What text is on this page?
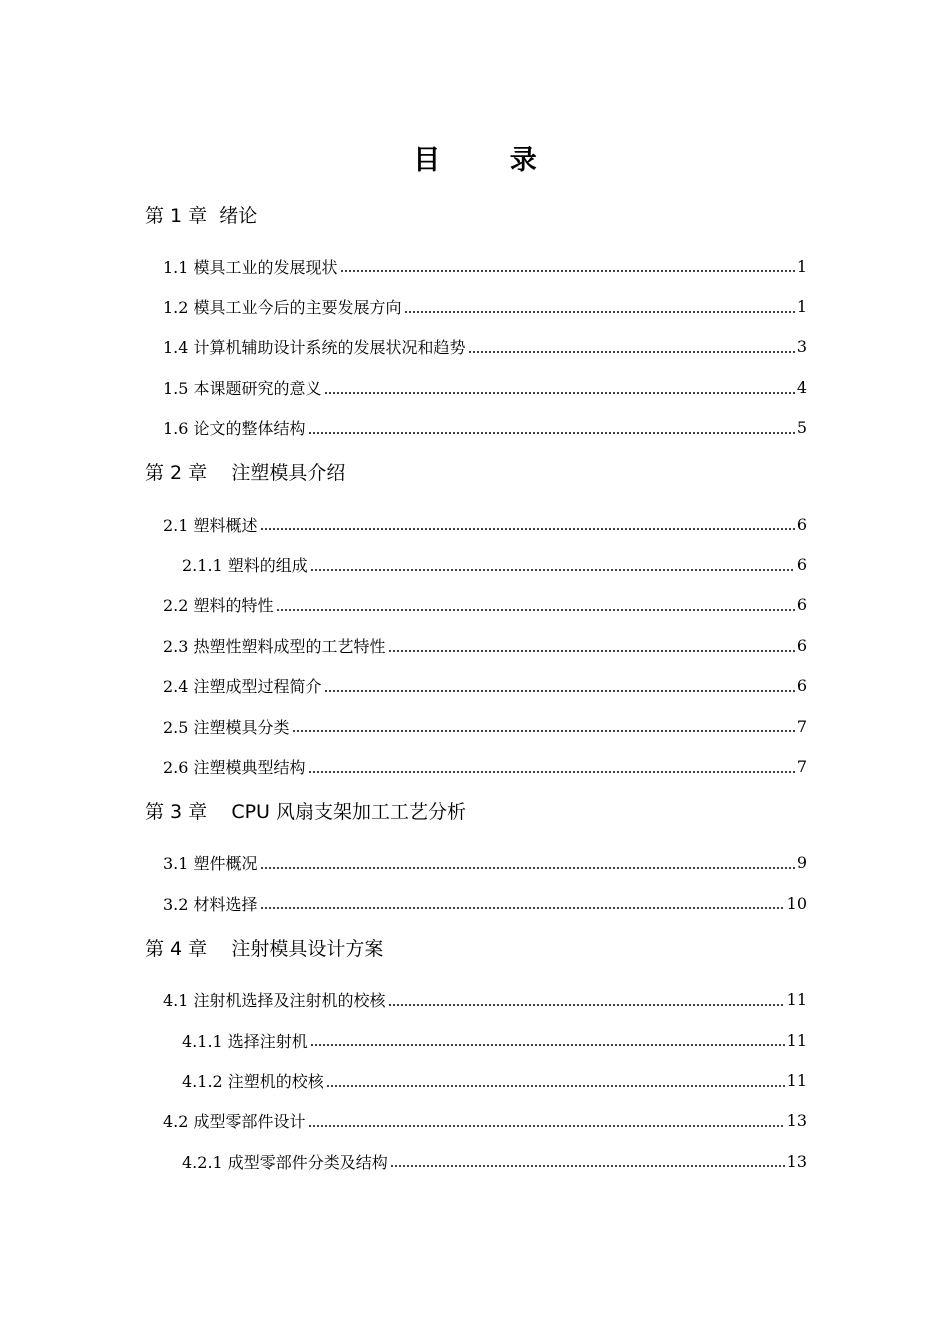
目 录
第 1 章  绪论
1.1 模具工业的发展现状	1
1.2 模具工业今后的主要发展方向	1
1.4 计算机辅助设计系统的发展状况和趋势	3
1.5 本课题研究的意义	4
1.6 论文的整体结构	5
第 2 章    注塑模具介绍
2.1 塑料概述	6
2.1.1 塑料的组成	6
2.2 塑料的特性	6
2.3 热塑性塑料成型的工艺特性	6
2.4 注塑成型过程简介	6
2.5 注塑模具分类	7
2.6 注塑模典型结构	7
第 3 章    CPU 风扇支架加工工艺分析
3.1 塑件概况	9
3.2 材料选择	10
第 4 章    注射模具设计方案
4.1 注射机选择及注射机的校核	11
4.1.1 选择注射机	11
4.1.2 注塑机的校核	11
4.2 成型零部件设计	13
4.2.1 成型零部件分类及结构	13
